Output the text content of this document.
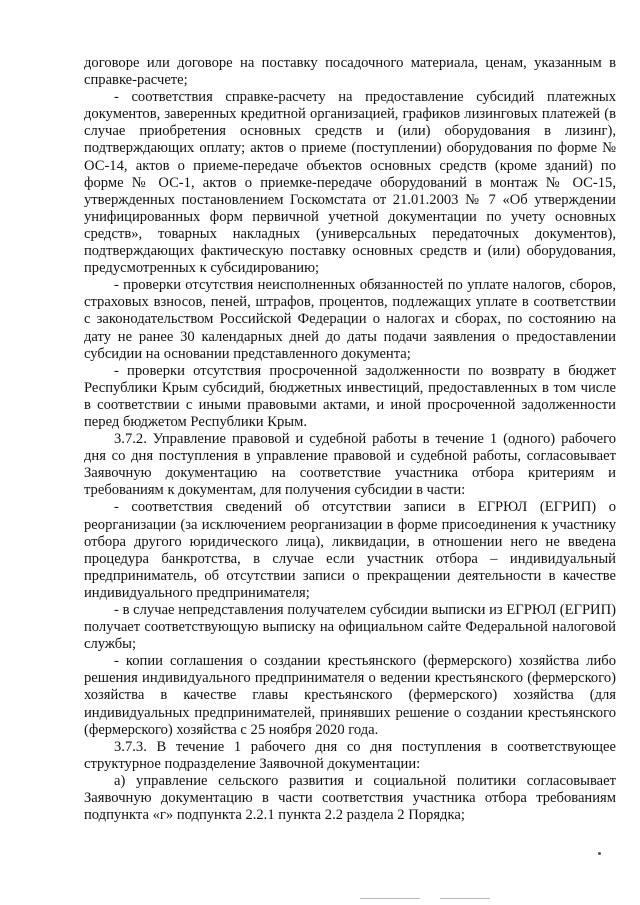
договоре или договоре на поставку посадочного материала, ценам, указанным в справке-расчете;

- соответствия справке-расчету на предоставление субсидий платежных документов, заверенных кредитной организацией, графиков лизинговых платежей (в случае приобретения основных средств и (или) оборудования в лизинг), подтверждающих оплату; актов о приеме (поступлении) оборудования по форме № ОС-14, актов о приеме-передаче объектов основных средств (кроме зданий) по форме № ОС-1, актов о приемке-передаче оборудований в монтаж № ОС-15, утвержденных постановлением Госкомстата от 21.01.2003 № 7 «Об утверждении унифицированных форм первичной учетной документации по учету основных средств», товарных накладных (универсальных передаточных документов), подтверждающих фактическую поставку основных средств и (или) оборудования, предусмотренных к субсидированию;

- проверки отсутствия неисполненных обязанностей по уплате налогов, сборов, страховых взносов, пеней, штрафов, процентов, подлежащих уплате в соответствии с законодательством Российской Федерации о налогах и сборах, по состоянию на дату не ранее 30 календарных дней до даты подачи заявления о предоставлении субсидии на основании представленного документа;

- проверки отсутствия просроченной задолженности по возврату в бюджет Республики Крым субсидий, бюджетных инвестиций, предоставленных в том числе в соответствии с иными правовыми актами, и иной просроченной задолженности перед бюджетом Республики Крым.

3.7.2. Управление правовой и судебной работы в течение 1 (одного) рабочего дня со дня поступления в управление правовой и судебной работы, согласовывает Заявочную документацию на соответствие участника отбора критериям и требованиям к документам, для получения субсидии в части:

- соответствия сведений об отсутствии записи в ЕГРЮЛ (ЕГРИП) о реорганизации (за исключением реорганизации в форме присоединения к участнику отбора другого юридического лица), ликвидации, в отношении него не введена процедура банкротства, в случае если участник отбора – индивидуальный предприниматель, об отсутствии записи о прекращении деятельности в качестве индивидуального предпринимателя;

- в случае непредставления получателем субсидии выписки из ЕГРЮЛ (ЕГРИП) получает соответствующую выписку на официальном сайте Федеральной налоговой службы;

- копии соглашения о создании крестьянского (фермерского) хозяйства либо решения индивидуального предпринимателя о ведении крестьянского (фермерского) хозяйства в качестве главы крестьянского (фермерского) хозяйства (для индивидуальных предпринимателей, принявших решение о создании крестьянского (фермерского) хозяйства с 25 ноября 2020 года.

3.7.3. В течение 1 рабочего дня со дня поступления в соответствующее структурное подразделение Заявочной документации:

а) управление сельского развития и социальной политики согласовывает Заявочную документацию в части соответствия участника отбора требованиям подпункта «г» подпункта 2.2.1 пункта 2.2 раздела 2 Порядка;
